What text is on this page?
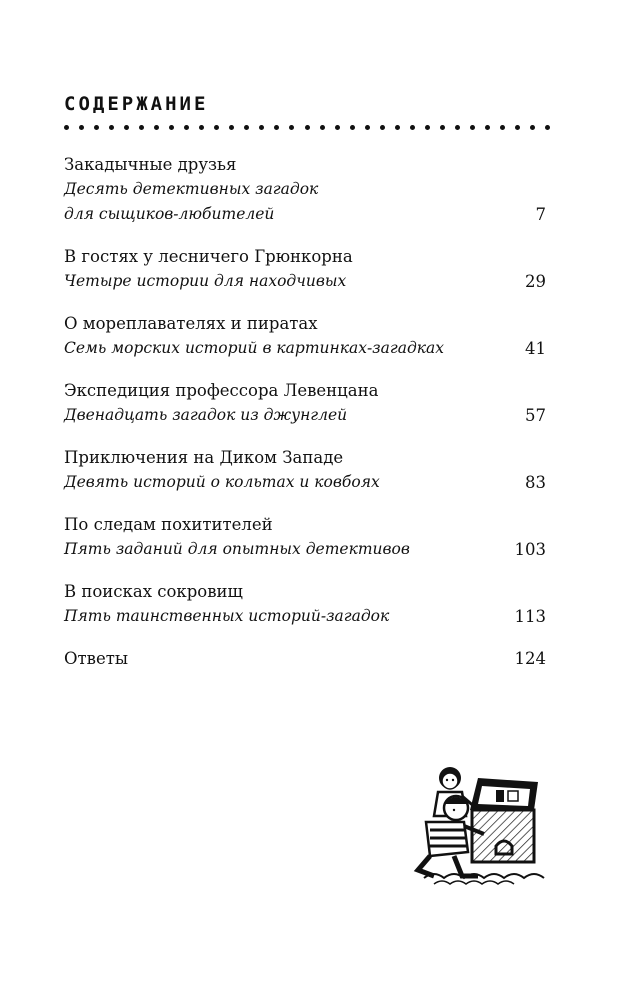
СОДЕРЖАНИЕ
Закадычные друзья
Десять детективных загадок
для сыщиков-любителей	7
В гостях у лесничего Грюнкорна
Четыре истории для находчивых	29
О мореплавателях и пиратах
Семь морских историй в картинках-загадках	41
Экспедиция профессора Левенцана
Двенадцать загадок из джунглей	57
Приключения на Диком Западе
Девять историй о кольтах и ковбоях	83
По следам похитителей
Пять заданий для опытных детективов	103
В поисках сокровищ
Пять таинственных историй-загадок	113
Ответы	124
